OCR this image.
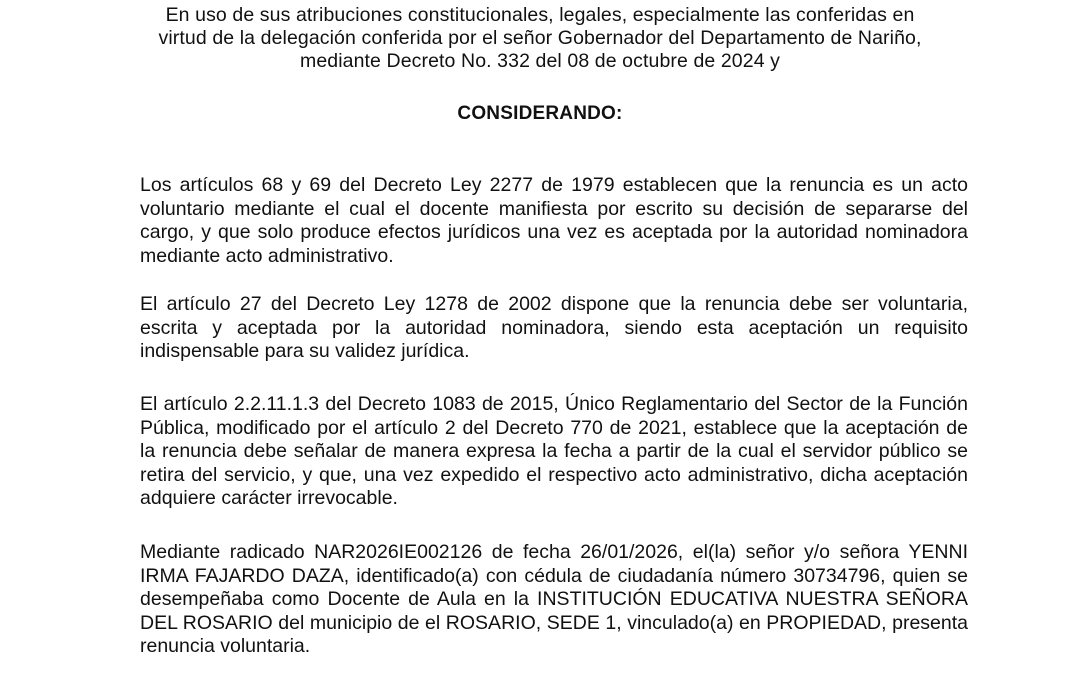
En uso de sus atribuciones constitucionales, legales, especialmente las conferidas en virtud de la delegación conferida por el señor Gobernador del Departamento de Nariño, mediante Decreto No. 332 del 08 de octubre de 2024 y
CONSIDERANDO:
Los artículos 68 y 69 del Decreto Ley 2277 de 1979 establecen que la renuncia es un acto voluntario mediante el cual el docente manifiesta por escrito su decisión de separarse del cargo, y que solo produce efectos jurídicos una vez es aceptada por la autoridad nominadora mediante acto administrativo.
El artículo 27 del Decreto Ley 1278 de 2002 dispone que la renuncia debe ser voluntaria, escrita y aceptada por la autoridad nominadora, siendo esta aceptación un requisito indispensable para su validez jurídica.
El artículo 2.2.11.1.3 del Decreto 1083 de 2015, Único Reglamentario del Sector de la Función Pública, modificado por el artículo 2 del Decreto 770 de 2021, establece que la aceptación de la renuncia debe señalar de manera expresa la fecha a partir de la cual el servidor público se retira del servicio, y que, una vez expedido el respectivo acto administrativo, dicha aceptación adquiere carácter irrevocable.
Mediante radicado NAR2026IE002126 de fecha 26/01/2026, el(la) señor y/o señora YENNI IRMA FAJARDO DAZA, identificado(a) con cédula de ciudadanía número 30734796, quien se desempeñaba como Docente de Aula en la INSTITUCIÓN EDUCATIVA NUESTRA SEÑORA DEL ROSARIO del municipio de el ROSARIO, SEDE 1, vinculado(a) en PROPIEDAD, presenta renuncia voluntaria.
